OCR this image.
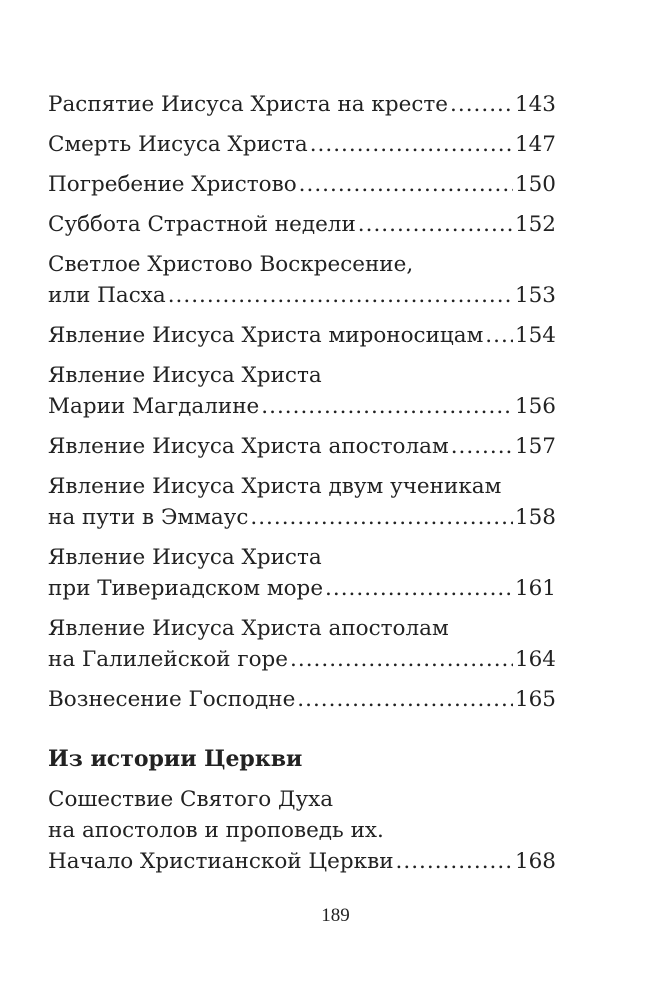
Распятие Иисуса Христа на кресте .....	143
Смерть Иисуса Христа .....	147
Погребение Христово .....	150
Суббота Страстной недели .....	152
Светлое Христово Воскресение,
или Пасха .....	153
Явление Иисуса Христа мироносицам ..... 154
Явление Иисуса Христа
Марии Магдалине .....	156
Явление Иисуса Христа апостолам .....	157
Явление Иисуса Христа двум ученикам
на пути в Эммаус .....	158
Явление Иисуса Христа
при Тивериадском море .....	161
Явление Иисуса Христа апостолам
на Галилейской горе .....	164
Вознесение Господне .....	165
Из истории Церкви
Сошествие Святого Духа
на апостолов и проповедь их.
Начало Христианской Церкви .....	168
189
